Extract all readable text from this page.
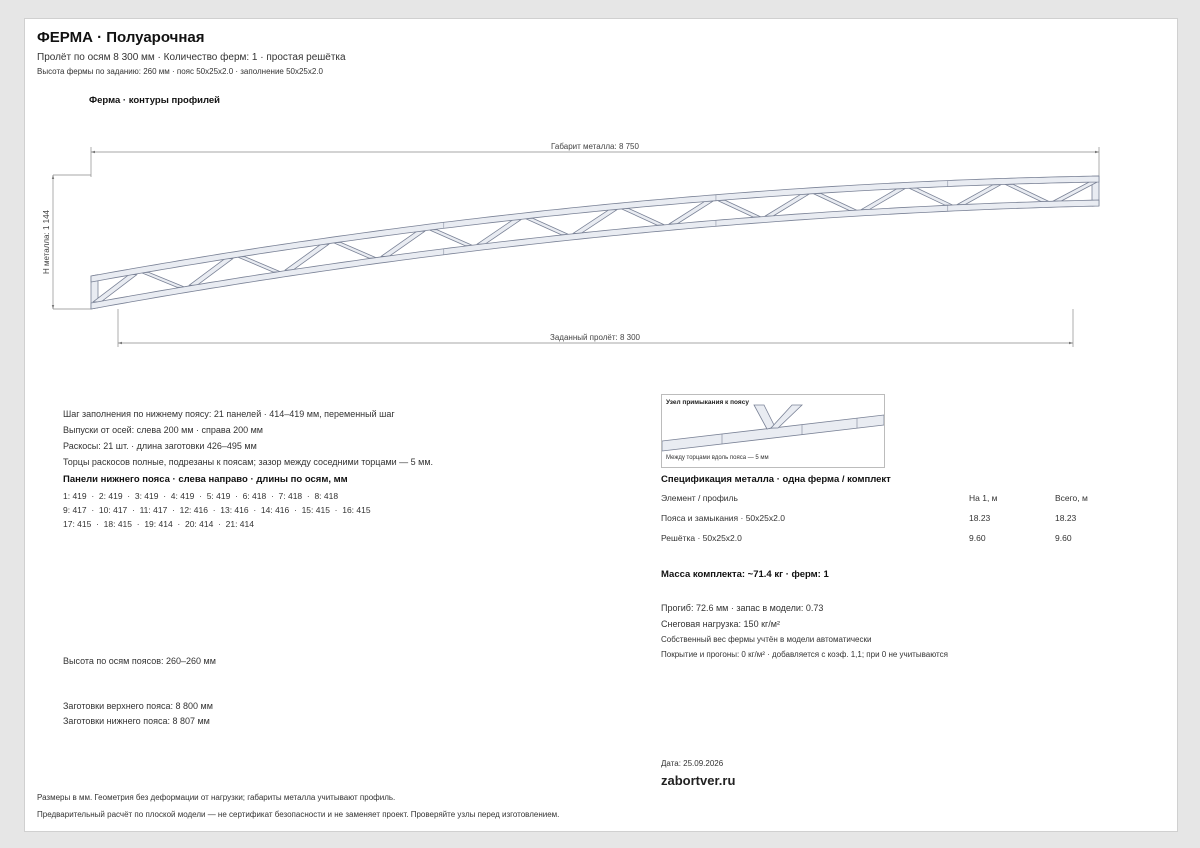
ФЕРМА · Полуарочная
Пролёт по осям 8 300 мм · Количество ферм: 1 · простая решётка
Высота фермы по заданию: 260 мм · пояс 50x25x2.0 · заполнение 50x25x2.0
Ферма · контуры профилей
Габарит металла: 8 750
Н металла: 1 144
Заданный пролёт: 8 300
Узел примыкания к поясу
Между торцами вдоль пояса — 5 мм
Шаг заполнения по нижнему поясу: 21 панелей · 414–419 мм, переменный шаг
Выпуски от осей: слева 200 мм · справа 200 мм
Раскосы: 21 шт. · длина заготовки 426–495 мм
Торцы раскосов полные, подрезаны к поясам; зазор между соседними торцами — 5 мм.
Панели нижнего пояса · слева направо · длины по осям, мм
1: 419  ·  2: 419  ·  3: 419  ·  4: 419  ·  5: 419  ·  6: 418  ·  7: 418  ·  8: 418
9: 417  ·  10: 417  ·  11: 417  ·  12: 416  ·  13: 416  ·  14: 416  ·  15: 415  ·  16: 415
17: 415  ·  18: 415  ·  19: 414  ·  20: 414  ·  21: 414
Высота по осям поясов: 260–260 мм
Заготовки верхнего пояса: 8 800 мм
Заготовки нижнего пояса: 8 807 мм
Спецификация металла · одна ферма / комплект
Элемент / профиль	На 1, м	Всего, м
Пояса и замыкания · 50x25x2.0	18.23	18.23
Решётка · 50x25x2.0	9.60	9.60
Масса комплекта: ~71.4 кг · ферм: 1
Прогиб: 72.6 мм · запас в модели: 0.73
Снеговая нагрузка: 150 кг/м²
Собственный вес фермы учтён в модели автоматически
Покрытие и прогоны: 0 кг/м² · добавляется с коэф. 1,1; при 0 не учитываются
Дата: 25.09.2026
zabortver.ru
Размеры в мм. Геометрия без деформации от нагрузки; габариты металла учитывают профиль.
Предварительный расчёт по плоской модели — не сертификат безопасности и не заменяет проект. Проверяйте узлы перед изготовлением.
